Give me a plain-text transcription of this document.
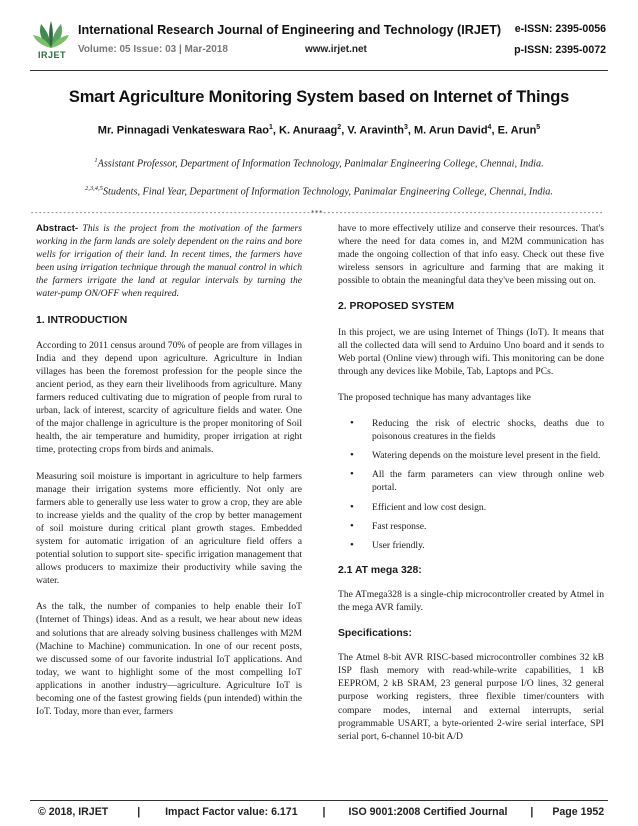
IRJET
International Research Journal of Engineering and Technology (IRJET) e-ISSN: 2395-0056
Volume: 05 Issue: 03 | Mar-2018	www.irjet.net	p-ISSN: 2395-0072
Smart Agriculture Monitoring System based on Internet of Things
Mr. Pinnagadi Venkateswara Rao$^1$, K. Anuraag$^2$, V. Aravinth$^3$, M. Arun David$^4$, E. Arun$^5$
$^1$Assistant Professor, Department of Information Technology, Panimalar Engineering College, Chennai, India.
$^{2,3,4,5}$Students, Final Year, Department of Information Technology, Panimalar Engineering College, Chennai, India.
---------------------------------------------------------------------***---------------------------------------------------------------------

Abstract- This is the project from the motivation of the farmers working in the farm lands are solely dependent on the rains and bore wells for irrigation of their land. In recent times, the farmers have been using irrigation technique through the manual control in which the farmers irrigate the land at regular intervals by turning the water-pump ON/OFF when required.

1. INTRODUCTION

According to 2011 census around 70% of people are from villages in India and they depend upon agriculture. Agriculture in Indian villages has been the foremost profession for the people since the ancient period, as they earn their livelihoods from agriculture. Many farmers reduced cultivating due to migration of people from rural to urban, lack of interest, scarcity of agriculture fields and water. One of the major challenge in agriculture is the proper monitoring of Soil health, the air temperature and humidity, proper irrigation at right time, protecting crops from birds and animals.

Measuring soil moisture is important in agriculture to help farmers manage their irrigation systems more efficiently. Not only are farmers able to generally use less water to grow a crop, they are able to increase yields and the quality of the crop by better management of soil moisture during critical plant growth stages. Embedded system for automatic irrigation of an agriculture field offers a potential solution to support site- specific irrigation management that allows producers to maximize their productivity while saving the water.

As the talk, the number of companies to help enable their IoT (Internet of Things) ideas. And as a result, we hear about new ideas and solutions that are already solving business challenges with M2M (Machine to Machine) communication. In one of our recent posts, we discussed some of our favorite industrial IoT applications. And today, we want to highlight some of the most compelling IoT applications in another industry—agriculture. Agriculture IoT is becoming one of the fastest growing fields (pun intended) within the IoT. Today, more than ever, farmers

have to more effectively utilize and conserve their resources. That's where the need for data comes in, and M2M communication has made the ongoing collection of that info easy. Check out these five wireless sensors in agriculture and farming that are making it possible to obtain the meaningful data they've been missing out on.

2. PROPOSED SYSTEM

In this project, we are using Internet of Things (IoT). It means that all the collected data will send to Arduino Uno board and it sends to Web portal (Online view) through wifi. This monitoring can be done through any devices like Mobile, Tab, Laptops and PCs.

The proposed technique has many advantages like

• Reducing the risk of electric shocks, deaths due to poisonous creatures in the fields
• Watering depends on the moisture level present in the field.
• All the farm parameters can view through online web portal.
• Efficient and low cost design.
• Fast response.
• User friendly.
2.1 AT mega 328:

The ATmega328 is a single-chip microcontroller created by Atmel in the mega AVR family.

Specifications:

The Atmel 8-bit AVR RISC-based microcontroller combines 32 kB ISP flash memory with read-while-write capabilities, 1 kB EEPROM, 2 kB SRAM, 23 general purpose I/O lines, 32 general purpose working registers, three flexible timer/counters with compare modes, internal and external interrupts, serial programmable USART, a byte-oriented 2-wire serial interface, SPI serial port, 6-channel 10-bit A/D

© 2018, IRJET	| Impact Factor value: 6.171 | ISO 9001:2008 Certified Journal | Page 1952
